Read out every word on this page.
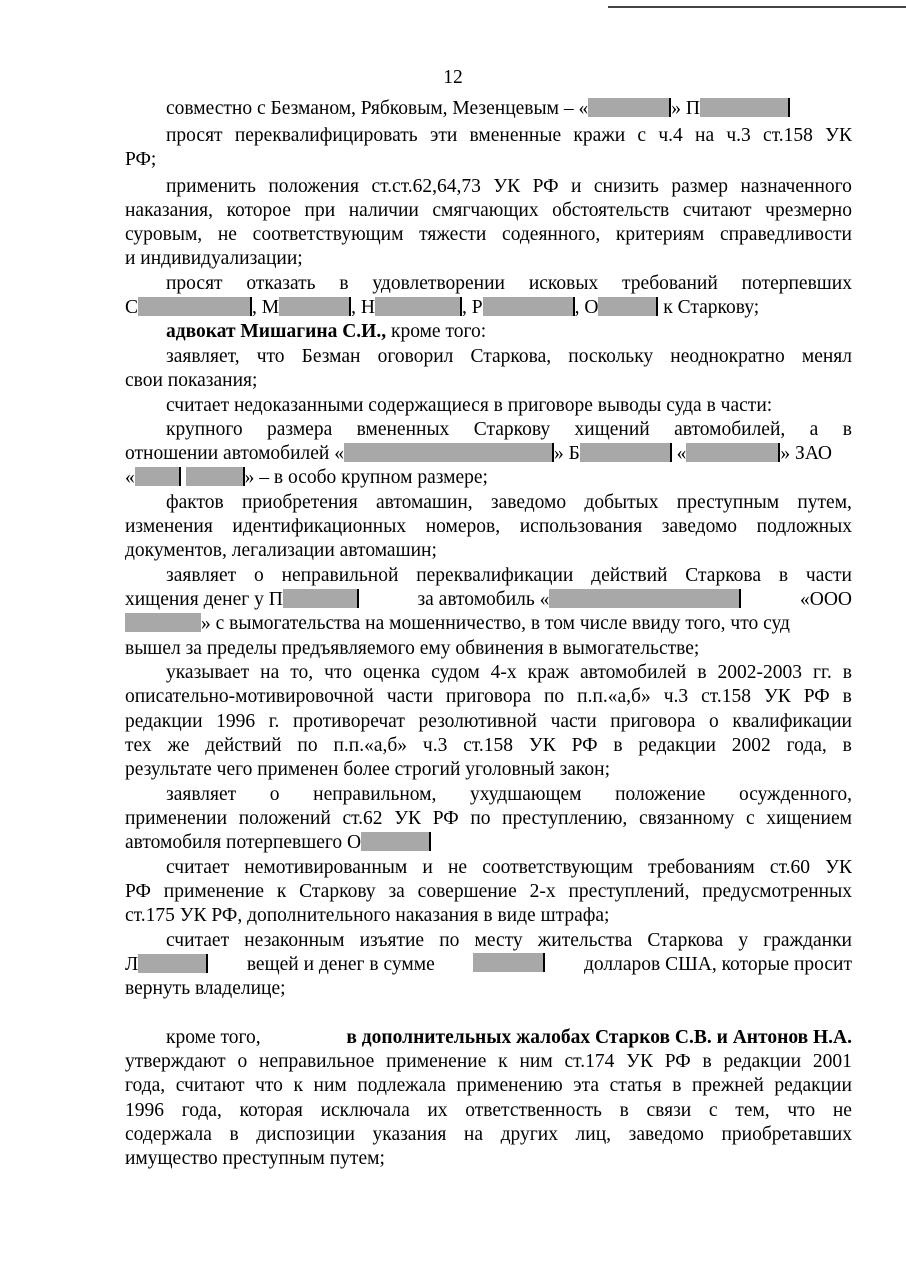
12
совместно с Безманом, Рябковым, Мезенцевым – «	» П
просят переквалифицировать эти вмененные кражи с ч.4 на ч.3 ст.158 УК
РФ;
применить положения ст.ст.62,64,73 УК РФ и снизить размер назначенного
наказания, которое при наличии смягчающих обстоятельств считают чрезмерно
суровым, не соответствующим тяжести содеянного, критериям справедливости
и индивидуализации;
просят отказать в удовлетворении исковых требований потерпевших
С	, М	, Н	, Р	, О	к Старкову;
адвокат Мишагина С.И., кроме того:
заявляет, что Безман оговорил Старкова, поскольку неоднократно менял
свои показания;
считает недоказанными содержащиеся в приговоре выводы суда в части:
крупного размера вмененных Старкову хищений автомобилей, а в
отношении автомобилей «	» Б	«	» ЗАО
«	» – в особо крупном размере;
фактов приобретения автомашин, заведомо добытых преступным путем,
изменения идентификационных номеров, использования заведомо подложных
документов, легализации автомашин;
заявляет о неправильной переквалификации действий Старкова в части
хищения денег у П	за автомобиль «	«ООО
» с вымогательства на мошенничество, в том числе ввиду того, что суд
вышел за пределы предъявляемого ему обвинения в вымогательстве;
указывает на то, что оценка судом 4-х краж автомобилей в 2002-2003 гг. в
описательно-мотивировочной части приговора по п.п.«а,б» ч.3 ст.158 УК РФ в
редакции 1996 г. противоречат резолютивной части приговора о квалификации
тех же действий по п.п.«а,б» ч.3 ст.158 УК РФ в редакции 2002 года, в
результате чего применен более строгий уголовный закон;
заявляет о неправильном, ухудшающем положение осужденного,
применении положений ст.62 УК РФ по преступлению, связанному с хищением
автомобиля потерпевшего О
считает немотивированным и не соответствующим требованиям ст.60 УК
РФ применение к Старкову за совершение 2-х преступлений, предусмотренных
ст.175 УК РФ, дополнительного наказания в виде штрафа;
считает незаконным изъятие по месту жительства Старкова у гражданки
Л	вещей и денег в сумме	долларов США, которые просит
вернуть владелице;
кроме того,	в дополнительных жалобах Старков С.В. и Антонов Н.А.
утверждают о неправильное применение к ним ст.174 УК РФ в редакции 2001
года, считают что к ним подлежала применению эта статья в прежней редакции
1996 года, которая исключала их ответственность в связи с тем, что не
содержала в диспозиции указания на других лиц, заведомо приобретавших
имущество преступным путем;
